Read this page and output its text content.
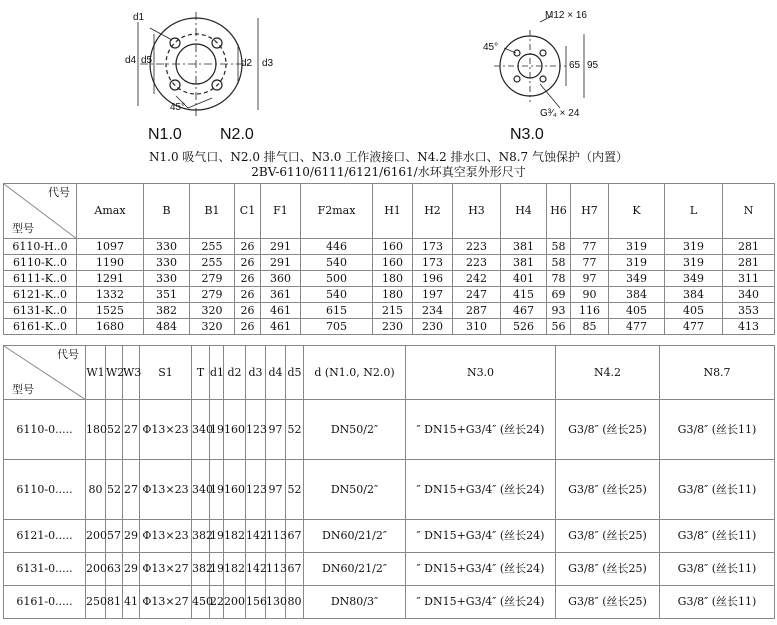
d1
d4 d5	d2 d3
45°
N1.0 N2.0
M12 × 16
45°
65 95
G³⁄₄ × 24
N3.0
N1.0 吸气口、N2.0 排气口、N3.0 工作液接口、N4.2 排水口、N8.7 气蚀保护（内置）
2BV-6110/6111/6121/6161/水环真空泵外形尺寸
代号
型号	Amax	B	B1	C1	F1	F2max	H1	H2	H3	H4	H6	H7	K	L	N
6110-H..0	1097	330	255	26	291	446	160	173	223	381	58	77	319	319	281
6110-K..0	1190	330	255	26	291	540	160	173	223	381	58	77	319	319	281
6111-K..0	1291	330	279	26	360	500	180	196	242	401	78	97	349	349	311
6121-K..0	1332	351	279	26	361	540	180	197	247	415	69	90	384	384	340
6131-K..0	1525	382	320	26	461	615	215	234	287	467	93	116	405	405	353
6161-K..0	1680	484	320	26	461	705	230	230	310	526	56	85	477	477	413
代号
型号	W1	W2	W3	S1	T	d1	d2	d3	d4	d5	d (N1.0, N2.0)	N3.0	N4.2	N8.7
6110-0.....	180	52	27	Φ13×23	340	19	160	123	97	52	DN50/2″	″ DN15+G3/4″ (丝长24)	G3/8″ (丝长25)	G3/8″ (丝长11)
6110-0.....	80	52	27	Φ13×23	340	19	160	123	97	52	DN50/2″	″ DN15+G3/4″ (丝长24)	G3/8″ (丝长25)	G3/8″ (丝长11)
6121-0.....	200	57	29	Φ13×23	382	19	182	142	113	67	DN60/21/2″	″ DN15+G3/4″ (丝长24)	G3/8″ (丝长25)	G3/8″ (丝长11)
6131-0.....	200	63	29	Φ13×27	382	19	182	142	113	67	DN60/21/2″	″ DN15+G3/4″ (丝长24)	G3/8″ (丝长25)	G3/8″ (丝长11)
6161-0.....	250	81	41	Φ13×27	450	22	200	156	130	80	DN80/3″	″ DN15+G3/4″ (丝长24)	G3/8″ (丝长25)	G3/8″ (丝长11)
